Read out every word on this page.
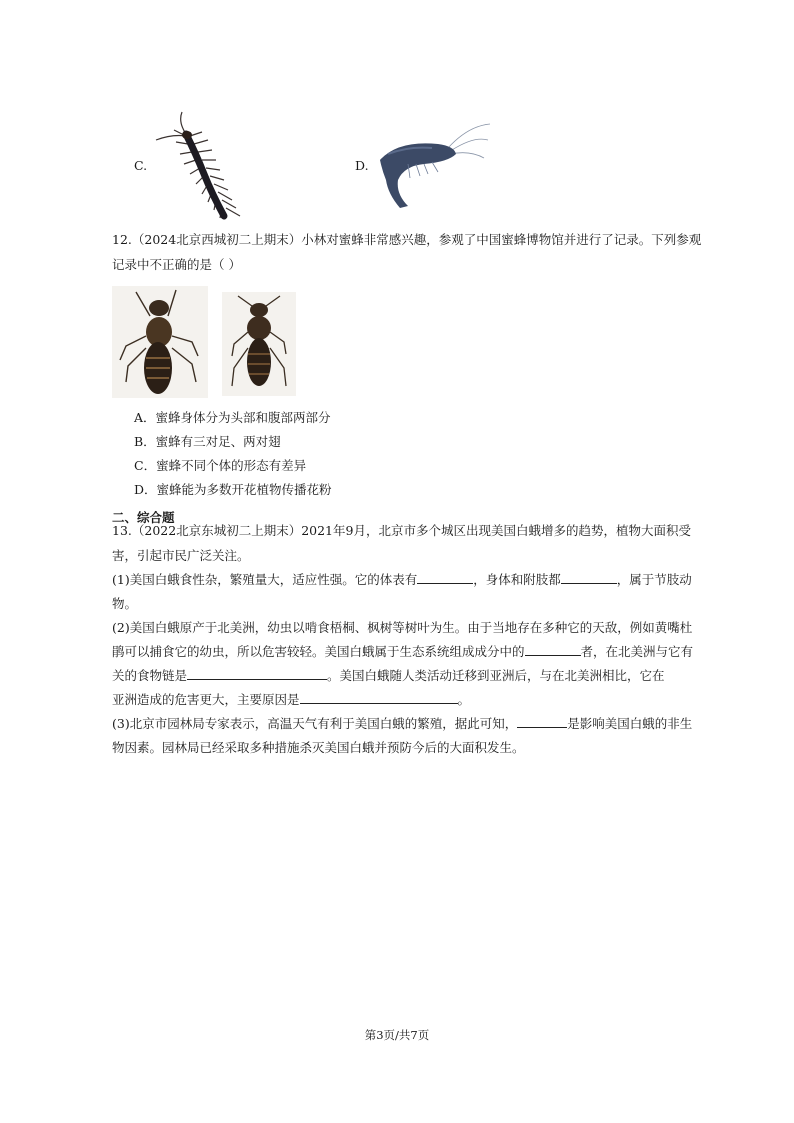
C.	D.
12.（2024北京西城初二上期末）小林对蜜蜂非常感兴趣，参观了中国蜜蜂博物馆并进行了记录。下列参观
记录中不正确的是（ ）
A．蜜蜂身体分为头部和腹部两部分
B．蜜蜂有三对足、两对翅
C．蜜蜂不同个体的形态有差异
D．蜜蜂能为多数开花植物传播花粉
二、综合题
13.（2022北京东城初二上期末）2021年9月，北京市多个城区出现美国白蛾增多的趋势，植物大面积受
害，引起市民广泛关注。
(1)美国白蛾食性杂，繁殖量大，适应性强。它的体表有	，身体和附肢都	，属于节肢动
物。
(2)美国白蛾原产于北美洲，幼虫以啃食梧桐、枫树等树叶为生。由于当地存在多种它的天敌，例如黄嘴杜
鹃可以捕食它的幼虫，所以危害较轻。美国白蛾属于生态系统组成成分中的	者，在北美洲与它有
关的食物链是	。美国白蛾随人类活动迁移到亚洲后，与在北美洲相比，它在
亚洲造成的危害更大，主要原因是	。
(3)北京市园林局专家表示，高温天气有利于美国白蛾的繁殖，据此可知，	是影响美国白蛾的非生
物因素。园林局已经采取多种措施杀灭美国白蛾并预防今后的大面积发生。
第3页/共7页
